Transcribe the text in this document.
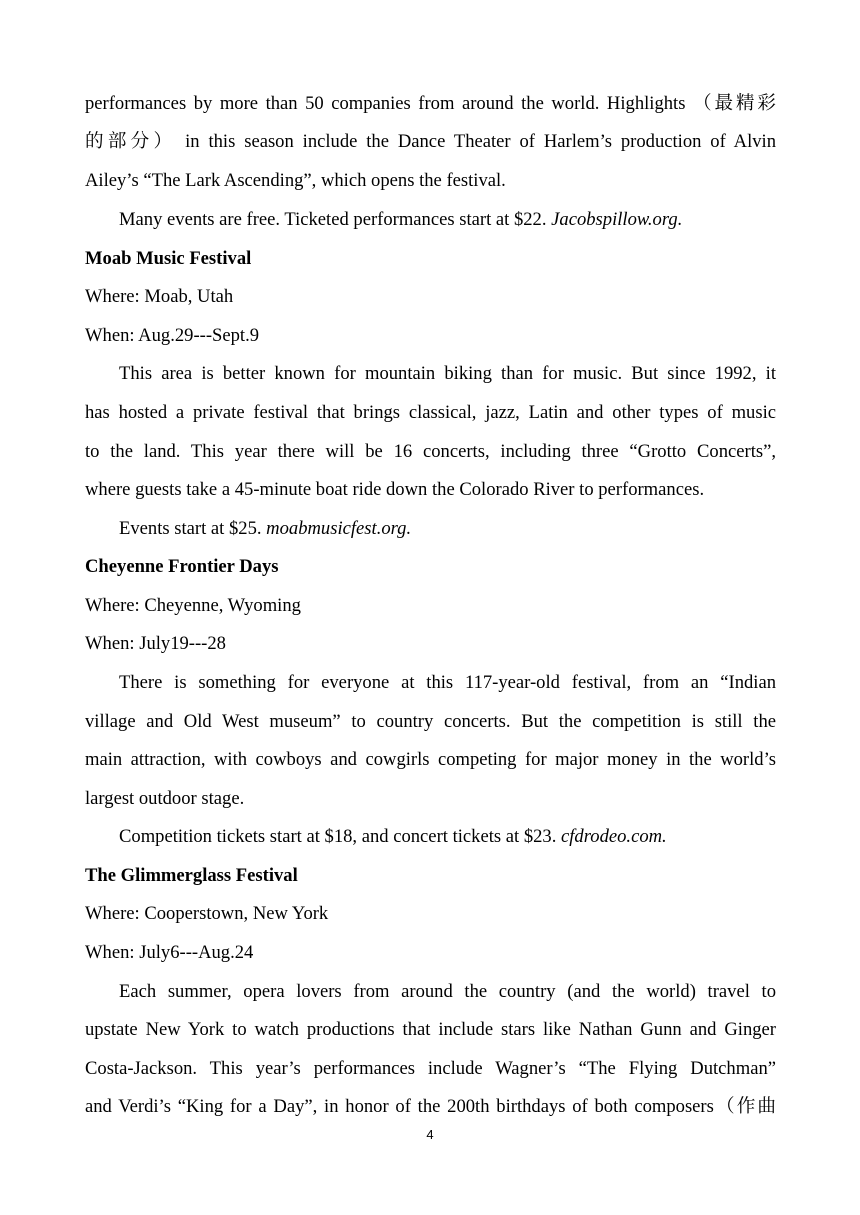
performances by more than 50 companies from around the world. Highlights （最精彩
的部分） in this season include the Dance Theater of Harlem’s production of Alvin
Ailey’s “The Lark Ascending”, which opens the festival.
Many events are free. Ticketed performances start at $22. Jacobspillow.org.
Moab Music Festival
Where: Moab, Utah
When: Aug.29---Sept.9
This area is better known for mountain biking than for music. But since 1992, it
has hosted a private festival that brings classical, jazz, Latin and other types of music
to the land. This year there will be 16 concerts, including three “Grotto Concerts”,
where guests take a 45-minute boat ride down the Colorado River to performances.
Events start at $25. moabmusicfest.org.
Cheyenne Frontier Days
Where: Cheyenne, Wyoming
When: July19---28
There is something for everyone at this 117-year-old festival, from an “Indian
village and Old West museum” to country concerts. But the competition is still the
main attraction, with cowboys and cowgirls competing for major money in the world’s
largest outdoor stage.
Competition tickets start at $18, and concert tickets at $23. cfdrodeo.com.
The Glimmerglass Festival
Where: Cooperstown, New York
When: July6---Aug.24
Each summer, opera lovers from around the country (and the world) travel to
upstate New York to watch productions that include stars like Nathan Gunn and Ginger
Costa-Jackson. This year’s performances include Wagner’s “The Flying Dutchman”
and Verdi’s “King for a Day”, in honor of the 200th birthdays of both composers（作曲
4
